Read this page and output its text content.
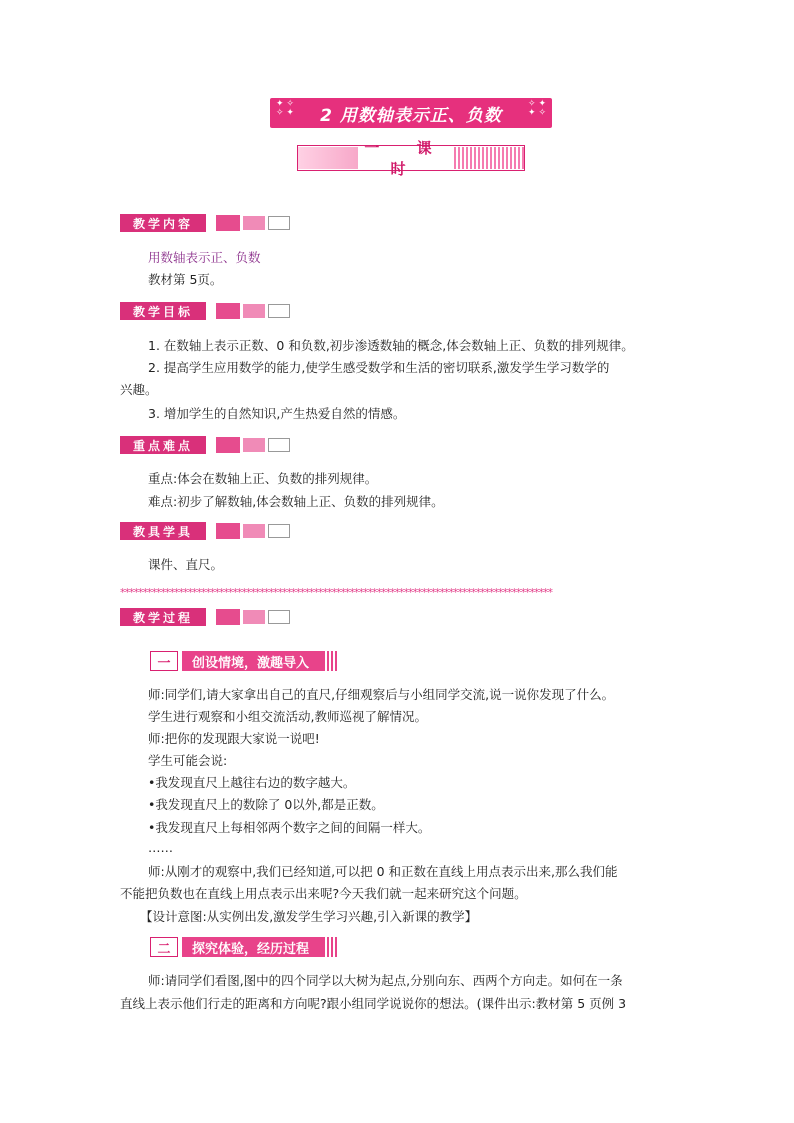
✦ ✧
✧ ✦ 2 用数轴表示正、负数
✧ ✦
✦ ✧
一 课 时
教学内容
用数轴表示正、负数
教材第 5页。
教学目标
1. 在数轴上表示正数、0 和负数,初步渗透数轴的概念,体会数轴上正、负数的排列规律。
2. 提高学生应用数学的能力,使学生感受数学和生活的密切联系,激发学生学习数学的
兴趣。
3. 增加学生的自然知识,产生热爱自然的情感。
重点难点
重点:体会在数轴上正、负数的排列规律。
难点:初步了解数轴,体会数轴上正、负数的排列规律。
教具学具
课件、直尺。
************************************************************************************************
教学过程
一	创设情境，激趣导入
师:同学们,请大家拿出自己的直尺,仔细观察后与小组同学交流,说一说你发现了什么。
学生进行观察和小组交流活动,教师巡视了解情况。
师:把你的发现跟大家说一说吧!
学生可能会说:
•我发现直尺上越往右边的数字越大。
•我发现直尺上的数除了 0以外,都是正数。
•我发现直尺上每相邻两个数字之间的间隔一样大。
……
师:从刚才的观察中,我们已经知道,可以把 0 和正数在直线上用点表示出来,那么我们能
不能把负数也在直线上用点表示出来呢?今天我们就一起来研究这个问题。
【设计意图:从实例出发,激发学生学习兴趣,引入新课的教学】
二	探究体验，经历过程
师:请同学们看图,图中的四个同学以大树为起点,分别向东、西两个方向走。如何在一条
直线上表示他们行走的距离和方向呢?跟小组同学说说你的想法。(课件出示:教材第 5 页例 3
